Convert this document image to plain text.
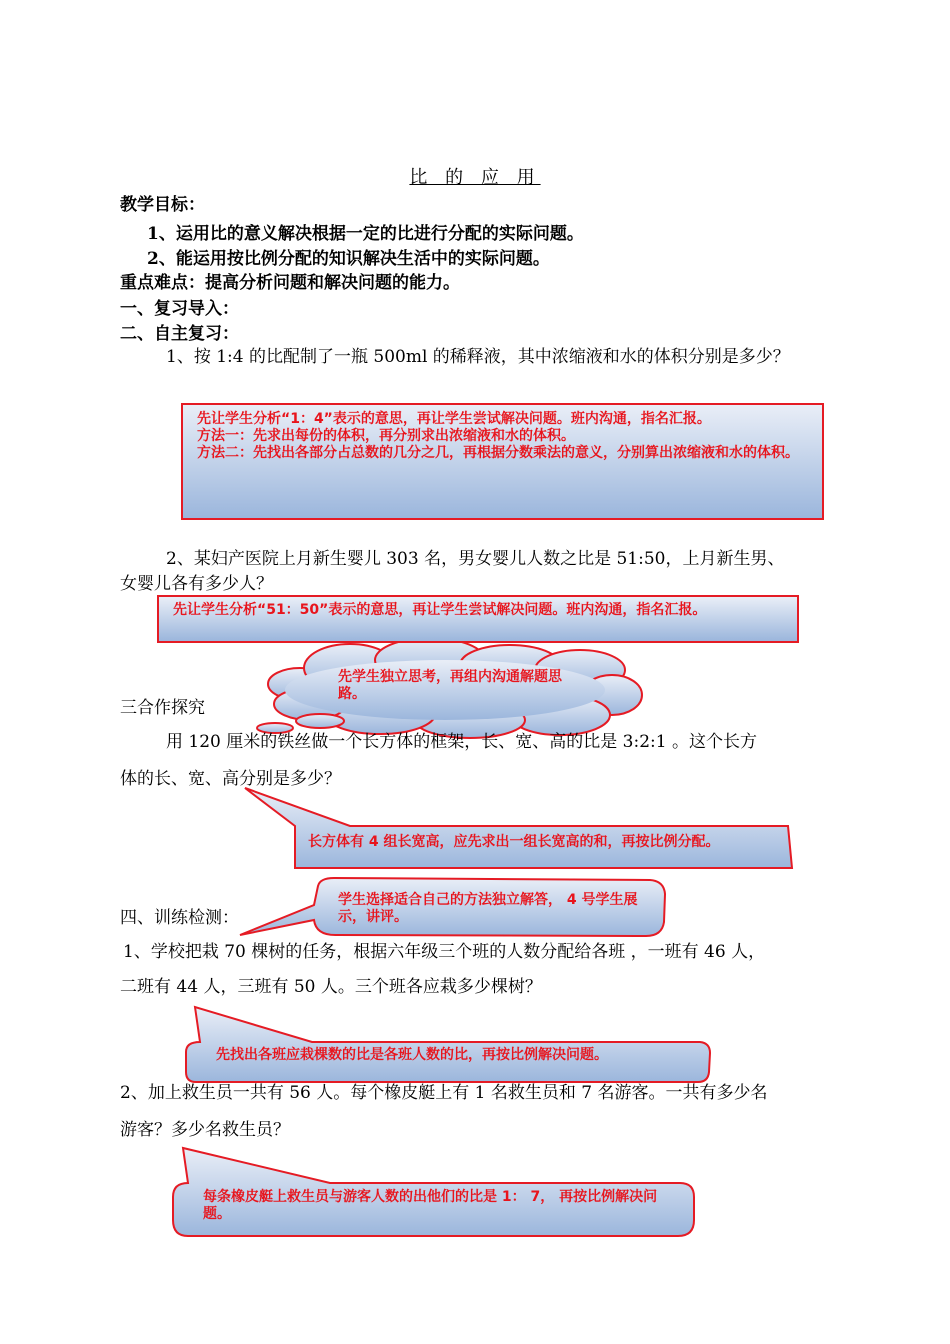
比 的 应 用
教学目标：
1、运用比的意义解决根据一定的比进行分配的实际问题。
2、能运用按比例分配的知识解决生活中的实际问题。
重点难点：提高分析问题和解决问题的能力。
一、复习导入：
二、自主复习：
1、按 1:4 的比配制了一瓶 500ml 的稀释液，其中浓缩液和水的体积分别是多少？
先让学生分析“1：4”表示的意思，再让学生尝试解决问题。班内沟通，指名汇报。
方法一：先求出每份的体积，再分别求出浓缩液和水的体积。
方法二：先找出各部分占总数的几分之几，再根据分数乘法的意义，分别算出浓缩液和水的体积。
2、某妇产医院上月新生婴儿 303 名，男女婴儿人数之比是 51:50，上月新生男、
女婴儿各有多少人？
先让学生分析“51：50”表示的意思，再让学生尝试解决问题。班内沟通，指名汇报。
先学生独立思考，再组内沟通解题思路。
三合作探究
用 120 厘米的铁丝做一个长方体的框架，长、宽、高的比是 3:2:1 。这个长方
体的长、宽、高分别是多少？
长方体有 4 组长宽高，应先求出一组长宽高的和，再按比例分配。
四、训练检测：
学生选择适合自己的方法独立解答， 4 号学生展示，讲评。
1、学校把栽 70 棵树的任务，根据六年级三个班的人数分配给各班 ，一班有 46 人，
二班有 44 人，三班有 50 人。三个班各应栽多少棵树？
先找出各班应栽棵数的比是各班人数的比，再按比例解决问题。
2、加上救生员一共有 56 人。每个橡皮艇上有 1 名救生员和 7 名游客。一共有多少名
游客？多少名救生员？
每条橡皮艇上救生员与游客人数的出他们的比是 1： 7， 再按比例解决问题。
